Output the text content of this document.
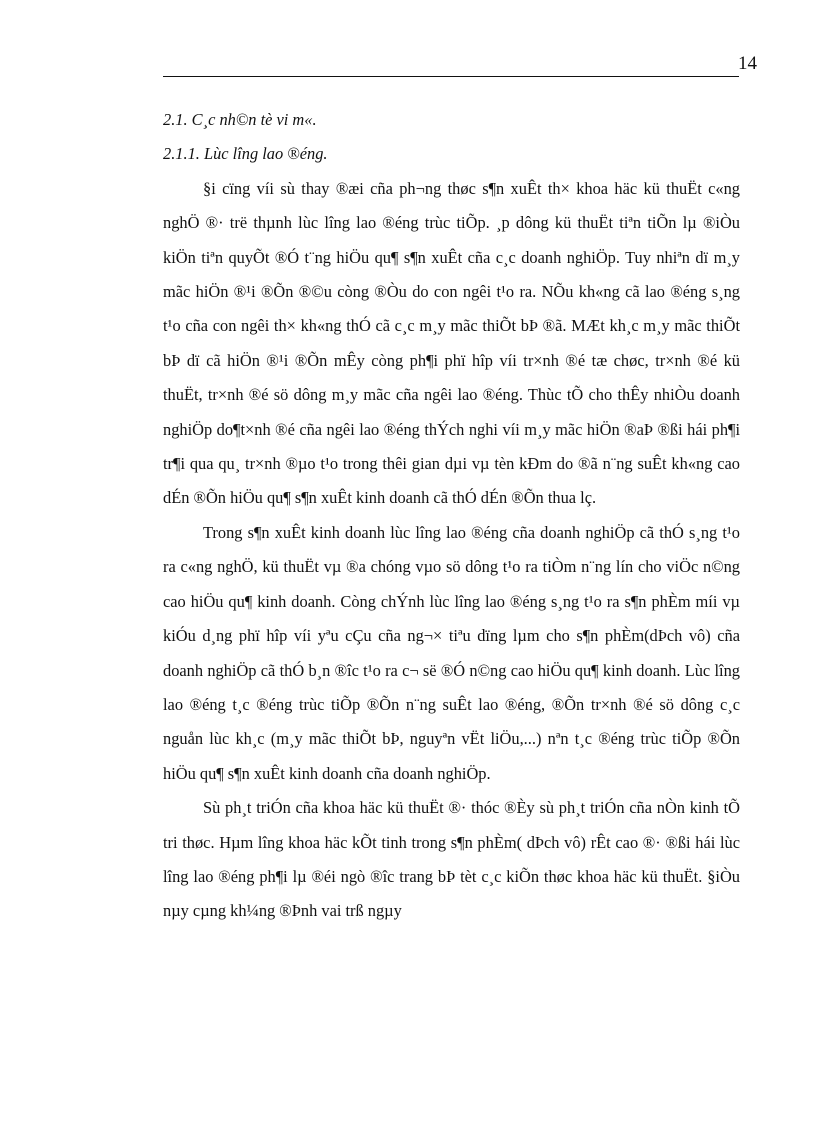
14

2.1. C¸c nh©n tè vi m«.

2.1.1. Lùc lîng lao ®éng.

§i cïng víi sù thay ®æi cña ph¬ng thøc s¶n xuÊt th× khoa häc kü thuËt c«ng nghÖ ®· trë thµnh lùc lîng lao ®éng trùc tiÕp. ¸p dông kü thuËt tiªn tiÕn lµ ®iÒu kiÖn tiªn quyÕt ®Ó t¨ng hiÖu qu¶ s¶n xuÊt cña c¸c doanh nghiÖp. Tuy nhiªn dï m¸y mãc hiÖn ®¹i ®Õn ®©u còng ®Òu do con ngêi t¹o ra. NÕu kh«ng cã lao ®éng s¸ng t¹o cña con ngêi th× kh«ng thÓ cã c¸c m¸y mãc thiÕt bÞ ®ã. MÆt kh¸c m¸y mãc thiÕt bÞ dï cã hiÖn ®¹i ®Õn mÊy còng ph¶i phï hîp víi tr×nh ®é tæ chøc, tr×nh ®é kü thuËt, tr×nh ®é sö dông m¸y mãc cña ngêi lao ®éng. Thùc tÕ cho thÊy nhiÒu doanh nghiÖp do¶t×nh ®é cña ngêi lao ®éng thÝch nghi víi m¸y mãc hiÖn ®aÞ ®ßi hái ph¶i tr¶i qua qu¸ tr×nh ®µo t¹o trong thêi gian dµi vµ tèn kÐm do ®ã n¨ng suÊt kh«ng cao dÉn ®Õn hiÖu qu¶ s¶n xuÊt kinh doanh cã thÓ dÉn ®Õn thua lç.

Trong s¶n xuÊt kinh doanh lùc lîng lao ®éng cña doanh nghiÖp cã thÓ s¸ng t¹o ra c«ng nghÖ, kü thuËt vµ ®a chóng vµo sö dông t¹o ra tiÒm n¨ng lín cho viÖc n©ng cao hiÖu qu¶ kinh doanh. Còng chÝnh lùc lîng lao ®éng s¸ng t¹o ra s¶n phÈm míi vµ kiÓu d¸ng phï hîp víi yªu cÇu cña ng¬× tiªu dïng lµm cho s¶n phÈm(dÞch vô) cña doanh nghiÖp cã thÓ b¸n ®îc t¹o ra c¬ së ®Ó n©ng cao hiÖu qu¶ kinh doanh. Lùc lîng lao ®éng t¸c ®éng trùc tiÕp ®Õn n¨ng suÊt lao ®éng, ®Õn tr×nh ®é sö dông c¸c nguån lùc kh¸c (m¸y mãc thiÕt bÞ, nguyªn vËt liÖu,...) nªn t¸c ®éng trùc tiÕp ®Õn hiÖu qu¶ s¶n xuÊt kinh doanh cña doanh nghiÖp.

Sù ph¸t triÓn cña khoa häc kü thuËt ®· thóc ®Èy sù ph¸t triÓn cña nÒn kinh tÕ tri thøc. Hµm lîng khoa häc kÕt tinh trong s¶n phÈm( dÞch vô) rÊt cao ®· ®ßi hái lùc lîng lao ®éng ph¶i lµ ®éi ngò ®îc trang bÞ tèt c¸c kiÕn thøc khoa häc kü thuËt. §iÒu nµy cµng kh¼ng ®Þnh vai trß ngµy
